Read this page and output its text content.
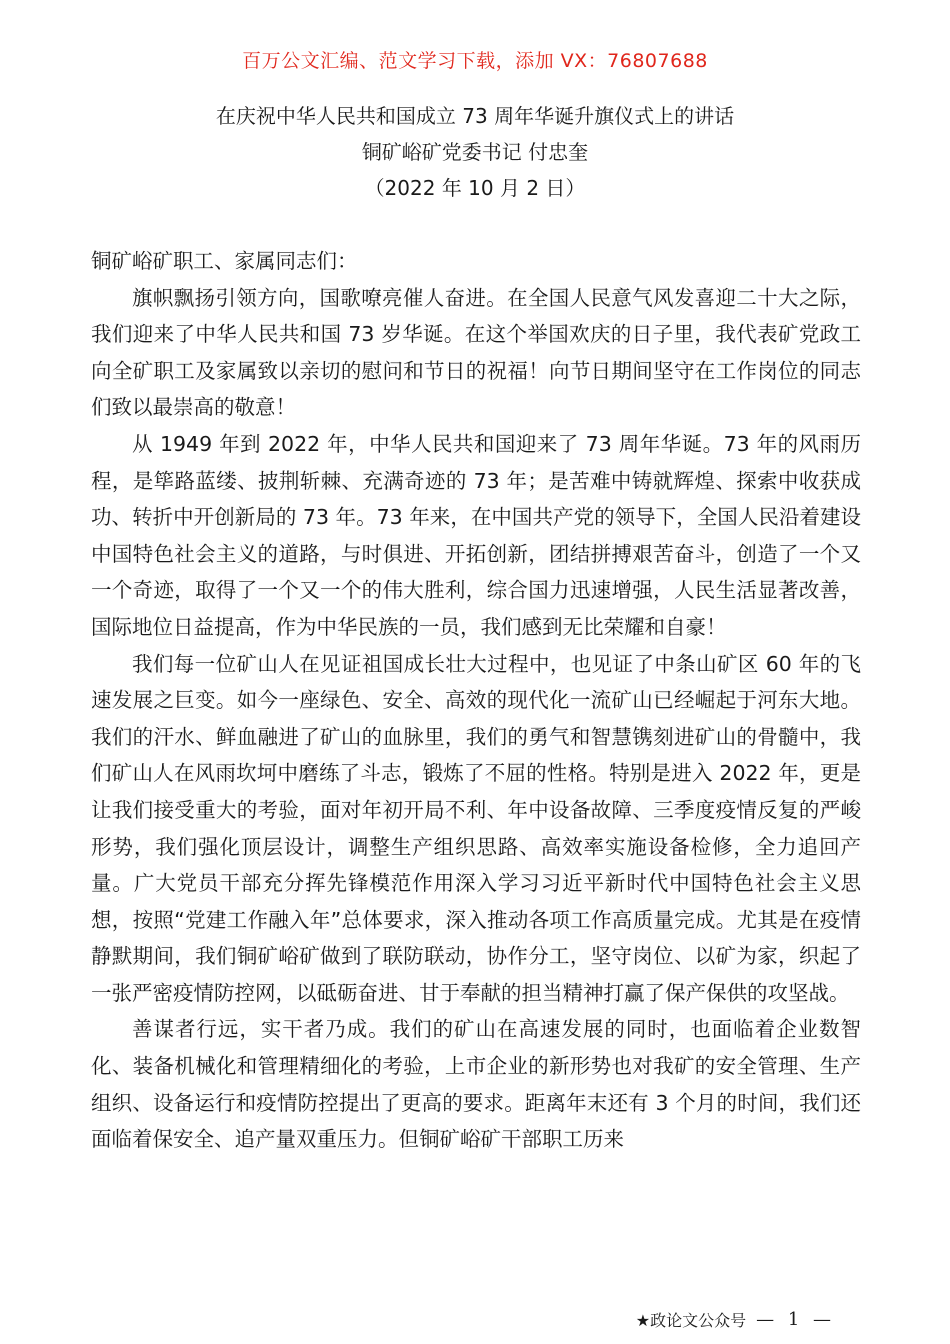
百万公文汇编、范文学习下载，添加 VX：76807688
在庆祝中华人民共和国成立 73 周年华诞升旗仪式上的讲话
铜矿峪矿党委书记 付忠奎
（2022 年 10 月 2 日）

铜矿峪矿职工、家属同志们：

旗帜飘扬引领方向，国歌嘹亮催人奋进。在全国人民意气风发喜迎二十大之际，我们迎来了中华人民共和国 73 岁华诞。在这个举国欢庆的日子里，我代表矿党政工向全矿职工及家属致以亲切的慰问和节日的祝福！向节日期间坚守在工作岗位的同志们致以最崇高的敬意！

从 1949 年到 2022 年，中华人民共和国迎来了 73 周年华诞。73 年的风雨历程，是筚路蓝缕、披荆斩棘、充满奇迹的 73 年；是苦难中铸就辉煌、探索中收获成功、转折中开创新局的 73 年。73 年来，在中国共产党的领导下，全国人民沿着建设中国特色社会主义的道路，与时俱进、开拓创新，团结拼搏艰苦奋斗，创造了一个又一个奇迹，取得了一个又一个的伟大胜利，综合国力迅速增强，人民生活显著改善，国际地位日益提高，作为中华民族的一员，我们感到无比荣耀和自豪！

我们每一位矿山人在见证祖国成长壮大过程中，也见证了中条山矿区 60 年的飞速发展之巨变。如今一座绿色、安全、高效的现代化一流矿山已经崛起于河东大地。我们的汗水、鲜血融进了矿山的血脉里，我们的勇气和智慧镌刻进矿山的骨髓中，我们矿山人在风雨坎坷中磨练了斗志，锻炼了不屈的性格。特别是进入 2022 年，更是让我们接受重大的考验，面对年初开局不利、年中设备故障、三季度疫情反复的严峻形势，我们强化顶层设计，调整生产组织思路、高效率实施设备检修，全力追回产量。广大党员干部充分挥先锋模范作用深入学习习近平新时代中国特色社会主义思想，按照“党建工作融入年”总体要求，深入推动各项工作高质量完成。尤其是在疫情静默期间，我们铜矿峪矿做到了联防联动，协作分工，坚守岗位、以矿为家，织起了一张严密疫情防控网，以砥砺奋进、甘于奉献的担当精神打赢了保产保供的攻坚战。

善谋者行远，实干者乃成。我们的矿山在高速发展的同时，也面临着企业数智化、装备机械化和管理精细化的考验，上市企业的新形势也对我矿的安全管理、生产组织、设备运行和疫情防控提出了更高的要求。距离年末还有 3 个月的时间，我们还面临着保安全、追产量双重压力。但铜矿峪矿干部职工历来

★政论文公众号 — 1 —
